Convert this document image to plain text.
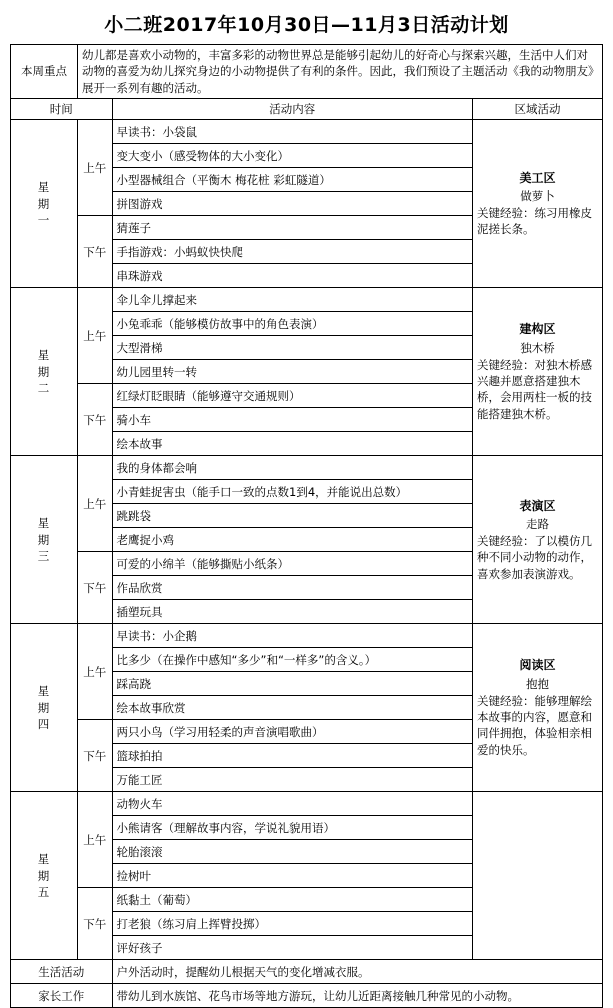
小二班2017年10月30日—11月3日活动计划
本周重点	幼儿都是喜欢小动物的，丰富多彩的动物世界总是能够引起幼儿的好奇心与探索兴趣，生活中人们对动物的喜爱为幼儿探究身边的小动物提供了有利的条件。因此，我们预设了主题活动《我的动物朋友》展开一系列有趣的活动。		
时间		活动内容	区域活动

星
期
一	上午	早读书：小袋鼠	美工区
做萝卜
关键经验：练习用橡皮泥搓长条。

		变大变小（感受物体的大小变化）	
		小型器械组合（平衡木 梅花桩 彩虹隧道）	
		拼图游戏	
	下午	猜莲子	
		手指游戏：小蚂蚁快快爬	
		串珠游戏	

星
期
二	上午	伞儿伞儿撑起来	建构区
独木桥
关键经验：对独木桥感兴趣并愿意搭建独木桥，会用两柱一板的技能搭建独木桥。

		小兔乖乖（能够模仿故事中的角色表演）	
		大型滑梯	
		幼儿园里转一转	
	下午	红绿灯眨眼睛（能够遵守交通规则）	
		骑小车	
		绘本故事	

星
期
三	上午	我的身体都会响	表演区
走路
关键经验：了以模仿几种不同小动物的动作，喜欢参加表演游戏。

		小青蛙捉害虫（能手口一致的点数1到4，并能说出总数）	
		跳跳袋	
		老鹰捉小鸡	
	下午	可爱的小绵羊（能够撕贴小纸条）	
		作品欣赏	
		插塑玩具	

星
期
四	上午	早读书：小企鹅	阅读区
抱抱
关键经验：能够理解绘本故事的内容，愿意和同伴拥抱，体验相亲相爱的快乐。

		比多少（在操作中感知“多少”和“一样多”的含义。）	
		踩高跷	
		绘本故事欣赏	
	下午	两只小鸟（学习用轻柔的声音演唱歌曲）	
		篮球拍拍	
		万能工匠	

星
期
五	上午	动物火车	
		小熊请客（理解故事内容，学说礼貌用语）	
		轮胎滚滚	
		捡树叶	
	下午	纸黏土（葡萄）	
		打老狼（练习肩上挥臂投掷）	
		评好孩子	
生活活动		户外活动时，提醒幼儿根据天气的变化增减衣服。	
家长工作		带幼儿到水族馆、花鸟市场等地方游玩，让幼儿近距离接触几种常见的小动物。	
